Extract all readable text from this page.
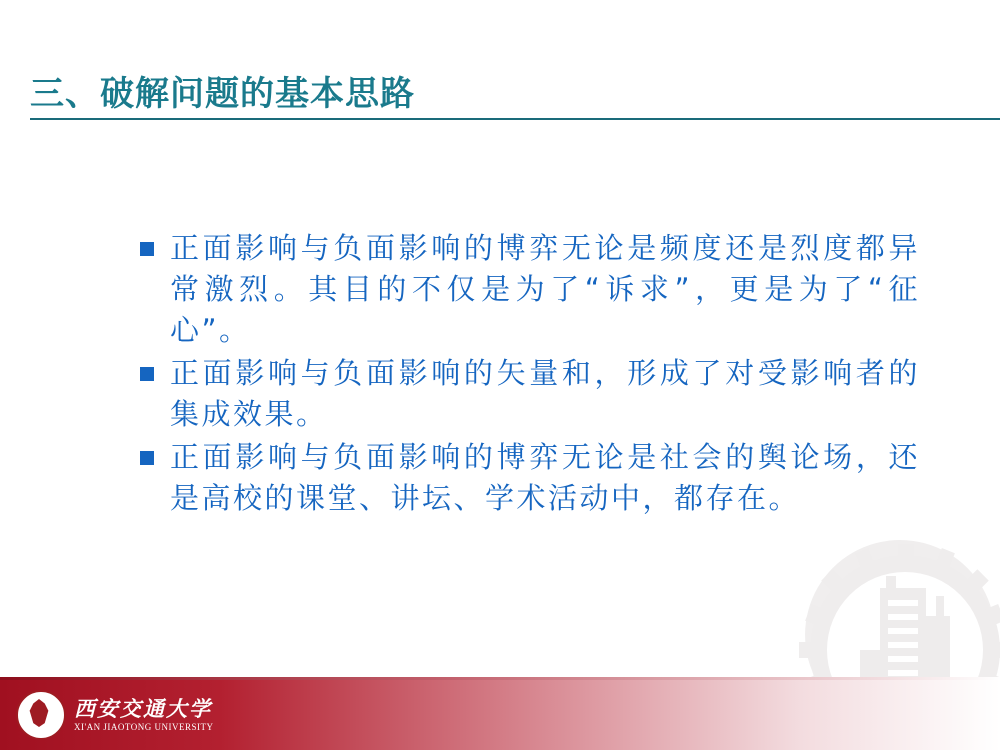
三、破解问题的基本思路
正面影响与负面影响的博弈无论是频度还是烈度都异常激烈。其目的不仅是为了“诉求”，更是为了“征心”。
正面影响与负面影响的矢量和，形成了对受影响者的集成效果。
正面影响与负面影响的博弈无论是社会的舆论场，还是高校的课堂、讲坛、学术活动中，都存在。
西安交通大学
XI'AN JIAOTONG UNIVERSITY
